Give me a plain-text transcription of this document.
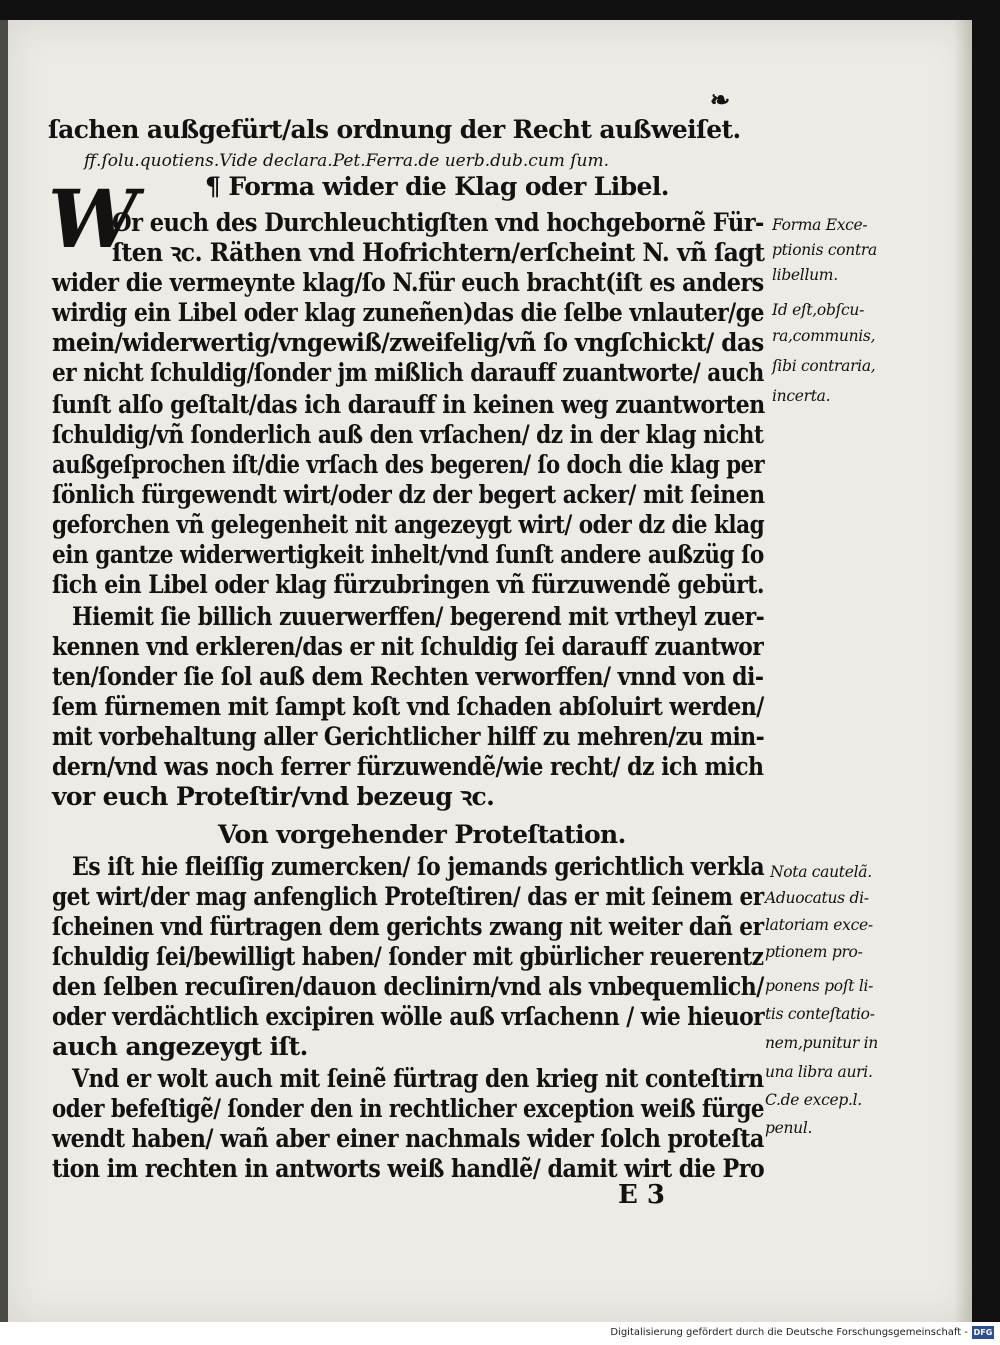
❧
W
ſachen außgefürt/als ordnung der Recht außweiſet.
ff.ſolu.quotiens.Vide declara.Pet.Ferra.de uerb.dub.cum ſum.
¶ Forma wider die Klag oder Libel.
Or euch des Durchleuchtigſten vnd hochgebornẽ Für-
ſten ꝛc. Räthen vnd Hofrichtern/erſcheint N. vñ ſagt
wider die vermeynte klag/ſo N.für euch bracht(iſt es anders
wirdig ein Libel oder klag zuneñen)das die ſelbe vnlauter/ge
mein/widerwertig/vngewiß/zweifelig/vñ ſo vngſchickt/ das
er nicht ſchuldig/ſonder jm mißlich darauff zuantworte/ auch
ſunſt alſo geſtalt/das ich darauff in keinen weg zuantworten
ſchuldig/vñ ſonderlich auß den vrſachen/ dz in der klag nicht
außgeſprochen iſt/die vrſach des begeren/ ſo doch die klag per
ſönlich fürgewendt wirt/oder dz der begert acker/ mit ſeinen
geforchen vñ gelegenheit nit angezeygt wirt/ oder dz die klag
ein gantze widerwertigkeit inhelt/vnd ſunſt andere außzüg ſo
ſich ein Libel oder klag fürzubringen vñ fürzuwendẽ gebürt.
Hiemit ſie billich zuuerwerffen/ begerend mit vrtheyl zuer-
kennen vnd erkleren/das er nit ſchuldig ſei darauff zuantwor
ten/ſonder ſie ſol auß dem Rechten verworffen/ vnnd von di-
ſem fürnemen mit ſampt koſt vnd ſchaden abſoluirt werden/
mit vorbehaltung aller Gerichtlicher hilff zu mehren/zu min-
dern/vnd was noch ferrer fürzuwendẽ/wie recht/ dz ich mich
vor euch Proteſtir/vnd bezeug ꝛc.
Von vorgehender Proteſtation.
Es iſt hie fleiſſig zumercken/ ſo jemands gerichtlich verkla
get wirt/der mag anfenglich Proteſtiren/ das er mit ſeinem er
ſcheinen vnd fürtragen dem gerichts zwang nit weiter dañ er
ſchuldig ſei/bewilligt haben/ ſonder mit gbürlicher reuerentz
den ſelben recuſiren/dauon declinirn/vnd als vnbequemlich/
oder verdächtlich excipiren wölle auß vrſachenn / wie hieuor
auch angezeygt iſt.
Vnd er wolt auch mit ſeinẽ fürtrag den krieg nit conteſtirn
oder befeſtigẽ/ ſonder den in rechtlicher exception weiß fürge
wendt haben/ wañ aber einer nachmals wider ſolch proteſta
tion im rechten in antworts weiß handlẽ/ damit wirt die Pro
Forma Exce-
ptionis contra
libellum.
Id eſt,obſcu-
ra,communis,
ſibi contraria,
incerta.
Nota cautelã.
Aduocatus di-
latoriam exce-
ptionem pro-
ponens poſt li-
tis conteſtatio-
nem,punitur in
una libra auri.
C.de excep.l.
penul.
E 3
Digitalisierung gefördert durch die Deutsche Forschungsgemeinschaft - DFG
